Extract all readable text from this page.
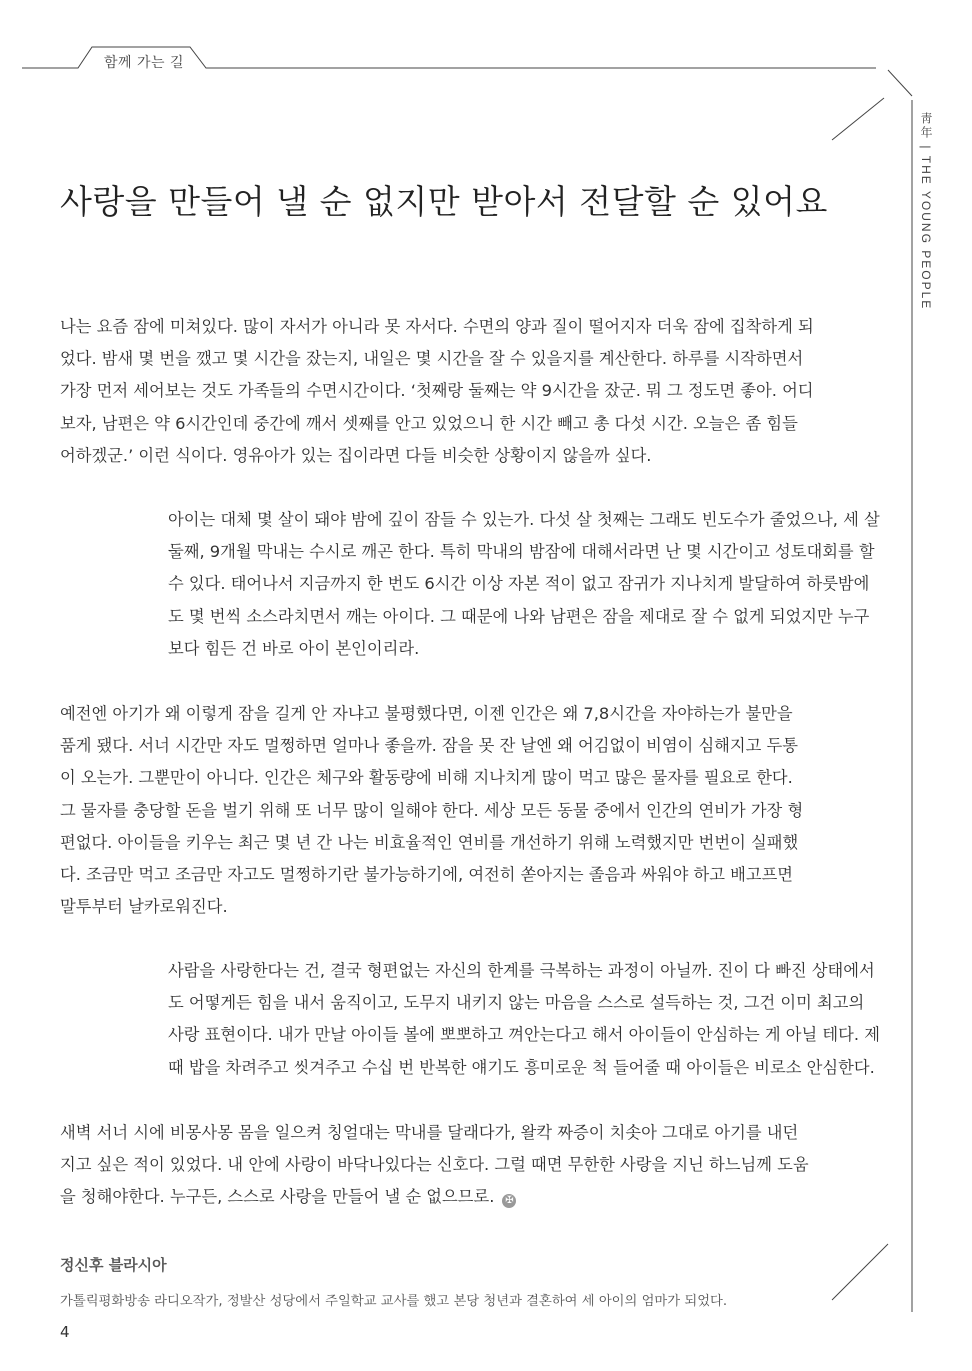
함께 가는 길
靑年 | THE YOUNG PEOPLE
사랑을 만들어 낼 순 없지만 받아서 전달할 순 있어요

나는 요즘 잠에 미쳐있다. 많이 자서가 아니라 못 자서다. 수면의 양과 질이 떨어지자 더욱 잠에 집착하게 되
었다. 밤새 몇 번을 깼고 몇 시간을 잤는지, 내일은 몇 시간을 잘 수 있을지를 계산한다. 하루를 시작하면서
가장 먼저 세어보는 것도 가족들의 수면시간이다. ‘첫째랑 둘째는 약 9시간을 잤군. 뭐 그 정도면 좋아. 어디
보자, 남편은 약 6시간인데 중간에 깨서 셋째를 안고 있었으니 한 시간 빼고 총 다섯 시간. 오늘은 좀 힘들
어하겠군.’ 이런 식이다. 영유아가 있는 집이라면 다들 비슷한 상황이지 않을까 싶다.

아이는 대체 몇 살이 돼야 밤에 깊이 잠들 수 있는가. 다섯 살 첫째는 그래도 빈도수가 줄었으나, 세 살
둘째, 9개월 막내는 수시로 깨곤 한다. 특히 막내의 밤잠에 대해서라면 난 몇 시간이고 성토대회를 할
수 있다. 태어나서 지금까지 한 번도 6시간 이상 자본 적이 없고 잠귀가 지나치게 발달하여 하룻밤에
도 몇 번씩 소스라치면서 깨는 아이다. 그 때문에 나와 남편은 잠을 제대로 잘 수 없게 되었지만 누구
보다 힘든 건 바로 아이 본인이리라.

예전엔 아기가 왜 이렇게 잠을 길게 안 자냐고 불평했다면, 이젠 인간은 왜 7,8시간을 자야하는가 불만을
품게 됐다. 서너 시간만 자도 멀쩡하면 얼마나 좋을까. 잠을 못 잔 날엔 왜 어김없이 비염이 심해지고 두통
이 오는가. 그뿐만이 아니다. 인간은 체구와 활동량에 비해 지나치게 많이 먹고 많은 물자를 필요로 한다.
그 물자를 충당할 돈을 벌기 위해 또 너무 많이 일해야 한다. 세상 모든 동물 중에서 인간의 연비가 가장 형
편없다. 아이들을 키우는 최근 몇 년 간 나는 비효율적인 연비를 개선하기 위해 노력했지만 번번이 실패했
다. 조금만 먹고 조금만 자고도 멀쩡하기란 불가능하기에, 여전히 쏟아지는 졸음과 싸워야 하고 배고프면
말투부터 날카로워진다.

사람을 사랑한다는 건, 결국 형편없는 자신의 한계를 극복하는 과정이 아닐까. 진이 다 빠진 상태에서
도 어떻게든 힘을 내서 움직이고, 도무지 내키지 않는 마음을 스스로 설득하는 것, 그건 이미 최고의
사랑 표현이다. 내가 만날 아이들 볼에 뽀뽀하고 껴안는다고 해서 아이들이 안심하는 게 아닐 테다. 제
때 밥을 차려주고 씻겨주고 수십 번 반복한 얘기도 흥미로운 척 들어줄 때 아이들은 비로소 안심한다.

새벽 서너 시에 비몽사몽 몸을 일으켜 칭얼대는 막내를 달래다가, 왈칵 짜증이 치솟아 그대로 아기를 내던
지고 싶은 적이 있었다. 내 안에 사랑이 바닥나있다는 신호다. 그럴 때면 무한한 사랑을 지닌 하느님께 도움
을 청해야한다. 누구든, 스스로 사랑을 만들어 낼 순 없으므로. ✠

정신후 블라시아
가톨릭평화방송 라디오작가, 정발산 성당에서 주일학교 교사를 했고 본당 청년과 결혼하여 세 아이의 엄마가 되었다.
4
